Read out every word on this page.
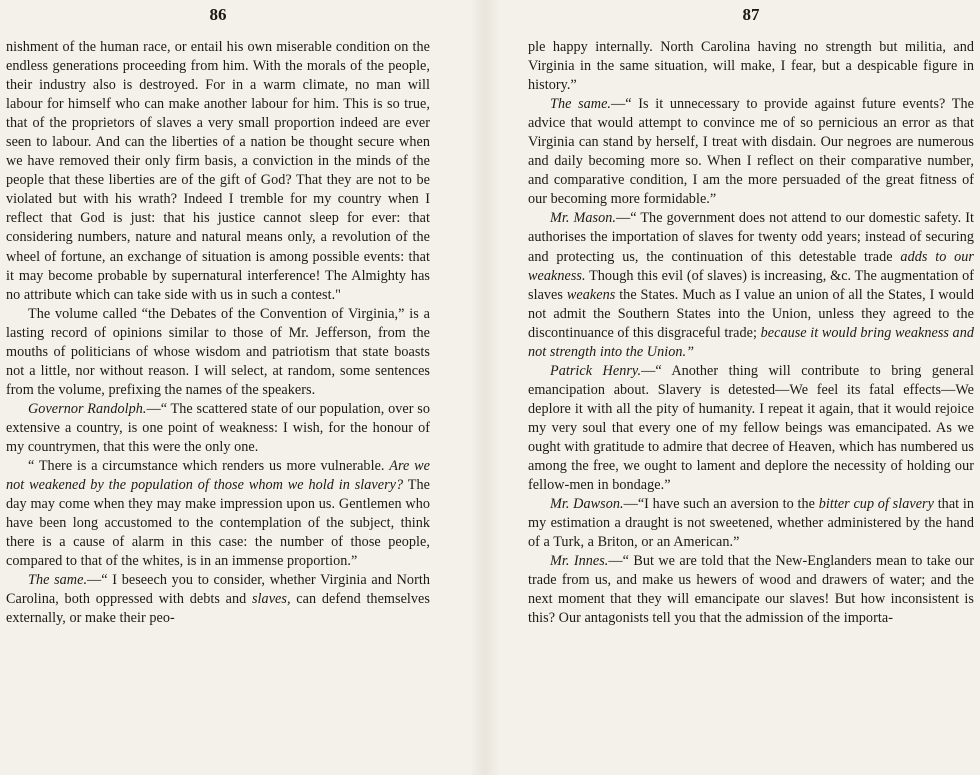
86

nishment of the human race, or entail his own miserable condition on the endless generations proceeding from him. With the morals of the people, their industry also is destroyed. For in a warm climate, no man will labour for himself who can make another labour for him. This is so true, that of the proprietors of slaves a very small proportion indeed are ever seen to labour. And can the liberties of a nation be thought secure when we have removed their only firm basis, a conviction in the minds of the people that these liberties are of the gift of God? That they are not to be violated but with his wrath? Indeed I tremble for my country when I reflect that God is just: that his justice cannot sleep for ever: that considering numbers, nature and natural means only, a revolution of the wheel of fortune, an exchange of situation is among possible events: that it may become probable by supernatural interference! The Almighty has no attribute which can take side with us in such a contest."

The volume called “the Debates of the Convention of Virginia,” is a lasting record of opinions similar to those of Mr. Jefferson, from the mouths of politicians of whose wisdom and patriotism that state boasts not a little, nor without reason. I will select, at random, some sentences from the volume, prefixing the names of the speakers.

Governor Randolph.—“ The scattered state of our population, over so extensive a country, is one point of weakness: I wish, for the honour of my countrymen, that this were the only one.

“ There is a circumstance which renders us more vulnerable. Are we not weakened by the population of those whom we hold in slavery? The day may come when they may make impression upon us. Gentlemen who have been long accustomed to the contemplation of the subject, think there is a cause of alarm in this case: the number of those people, compared to that of the whites, is in an immense proportion.”

The same.—“ I beseech you to consider, whether Virginia and North Carolina, both oppressed with debts and slaves, can defend themselves externally, or make their peo-

87

ple happy internally. North Carolina having no strength but militia, and Virginia in the same situation, will make, I fear, but a despicable figure in history.”

The same.—“ Is it unnecessary to provide against future events? The advice that would attempt to convince me of so pernicious an error as that Virginia can stand by herself, I treat with disdain. Our negroes are numerous and daily becoming more so. When I reflect on their comparative number, and comparative condition, I am the more persuaded of the great fitness of our becoming more formidable.”

Mr. Mason.—“ The government does not attend to our domestic safety. It authorises the importation of slaves for twenty odd years; instead of securing and protecting us, the continuation of this detestable trade adds to our weakness. Though this evil (of slaves) is increasing, &c. The augmentation of slaves weakens the States. Much as I value an union of all the States, I would not admit the Southern States into the Union, unless they agreed to the discontinuance of this disgraceful trade; because it would bring weakness and not strength into the Union.”

Patrick Henry.—“ Another thing will contribute to bring general emancipation about. Slavery is detested—We feel its fatal effects—We deplore it with all the pity of humanity. I repeat it again, that it would rejoice my very soul that every one of my fellow beings was emancipated. As we ought with gratitude to admire that decree of Heaven, which has numbered us among the free, we ought to lament and deplore the necessity of holding our fellow-men in bondage.”

Mr. Dawson.—“I have such an aversion to the bitter cup of slavery that in my estimation a draught is not sweetened, whether administered by the hand of a Turk, a Briton, or an American.”

Mr. Innes.—“ But we are told that the New-Englanders mean to take our trade from us, and make us hewers of wood and drawers of water; and the next moment that they will emancipate our slaves! But how inconsistent is this? Our antagonists tell you that the admission of the importa-
